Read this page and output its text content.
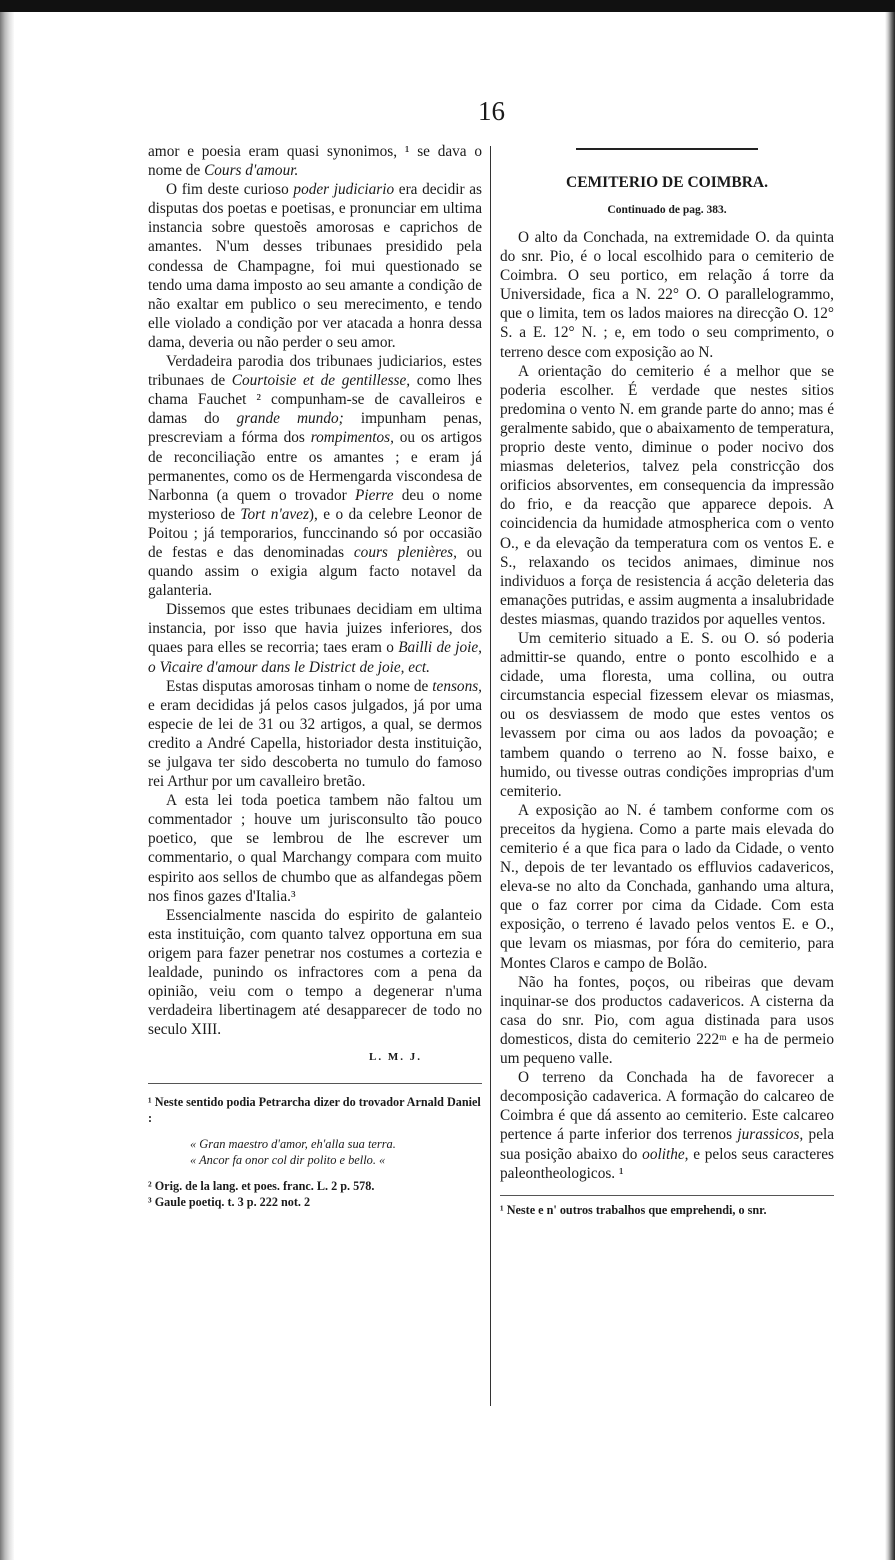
16

amor e poesia eram quasi synonimos, ¹ se dava o nome de Cours d'amour.

O fim deste curioso poder judiciario era decidir as disputas dos poetas e poetisas, e pronunciar em ultima instancia sobre questoẽs amorosas e caprichos de amantes. N'um desses tribunaes presidido pela condessa de Champagne, foi mui questionado se tendo uma dama imposto ao seu amante a condição de não exaltar em publico o seu merecimento, e tendo elle violado a condição por ver atacada a honra dessa dama, deveria ou não perder o seu amor.

Verdadeira parodia dos tribunaes judiciarios, estes tribunaes de Courtoisie et de gentillesse, como lhes chama Fauchet ² compunham-se de cavalleiros e damas do grande mundo; impunham penas, prescreviam a fórma dos rompimentos, ou os artigos de reconciliação entre os amantes ; e eram já permanentes, como os de Hermengarda viscondesa de Narbonna (a quem o trovador Pierre deu o nome mysterioso de Tort n'avez), e o da celebre Leonor de Poitou ; já temporarios, funccinando só por occasião de festas e das denominadas cours plenières, ou quando assim o exigia algum facto notavel da galanteria.

Dissemos que estes tribunaes decidiam em ultima instancia, por isso que havia juizes inferiores, dos quaes para elles se recorria; taes eram o Bailli de joie, o Vicaire d'amour dans le District de joie, ect.

Estas disputas amorosas tinham o nome de tensons, e eram decididas já pelos casos julgados, já por uma especie de lei de 31 ou 32 artigos, a qual, se dermos credito a André Capella, historiador desta instituição, se julgava ter sido descoberta no tumulo do famoso rei Arthur por um cavalleiro bretão.

A esta lei toda poetica tambem não faltou um commentador ; houve um jurisconsulto tão pouco poetico, que se lembrou de lhe escrever um commentario, o qual Marchangy compara com muito espirito aos sellos de chumbo que as alfandegas põem nos finos gazes d'Italia.³

Essencialmente nascida do espirito de galanteio esta instituição, com quanto talvez opportuna em sua origem para fazer penetrar nos costumes a cortezia e lealdade, punindo os infractores com a pena da opinião, veiu com o tempo a degenerar n'uma verdadeira libertinagem até desapparecer de todo no seculo XIII.

L. M. J.

¹ Neste sentido podia Petrarcha dizer do trovador Arnald Daniel :

« Gran maestro d'amor, eh'alla sua terra.

« Ancor fa onor col dir polito e bello. «

² Orig. de la lang. et poes. franc. L. 2 p. 578.

³ Gaule poetiq. t. 3 p. 222 not. 2

CEMITERIO DE COIMBRA.
Continuado de pag. 383.

O alto da Conchada, na extremidade O. da quinta do snr. Pio, é o local escolhido para o cemiterio de Coimbra. O seu portico, em relação á torre da Universidade, fica a N. 22° O. O parallelogrammo, que o limita, tem os lados maiores na direcção O. 12° S. a E. 12° N. ; e, em todo o seu comprimento, o terreno desce com exposição ao N.

A orientação do cemiterio é a melhor que se poderia escolher. É verdade que nestes sitios predomina o vento N. em grande parte do anno; mas é geralmente sabido, que o abaixamento de temperatura, proprio deste vento, diminue o poder nocivo dos miasmas deleterios, talvez pela constricção dos orificios absorventes, em consequencia da impressão do frio, e da reacção que apparece depois. A coincidencia da humidade atmospherica com o vento O., e da elevação da temperatura com os ventos E. e S., relaxando os tecidos animaes, diminue nos individuos a força de resistencia á acção deleteria das emanações putridas, e assim augmenta a insalubridade destes miasmas, quando trazidos por aquelles ventos.

Um cemiterio situado a E. S. ou O. só poderia admittir-se quando, entre o ponto escolhido e a cidade, uma floresta, uma collina, ou outra circumstancia especial fizessem elevar os miasmas, ou os desviassem de modo que estes ventos os levassem por cima ou aos lados da povoação; e tambem quando o terreno ao N. fosse baixo, e humido, ou tivesse outras condições improprias d'um cemiterio.

A exposição ao N. é tambem conforme com os preceitos da hygiena. Como a parte mais elevada do cemiterio é a que fica para o lado da Cidade, o vento N., depois de ter levantado os effluvios cadavericos, eleva-se no alto da Conchada, ganhando uma altura, que o faz correr por cima da Cidade. Com esta exposição, o terreno é lavado pelos ventos E. e O., que levam os miasmas, por fóra do cemiterio, para Montes Claros e campo de Bolão.

Não ha fontes, poços, ou ribeiras que devam inquinar-se dos productos cadavericos. A cisterna da casa do snr. Pio, com agua distinada para usos domesticos, dista do cemiterio 222ᵐ e ha de permeio um pequeno valle.

O terreno da Conchada ha de favorecer a decomposição cadaverica. A formação do calcareo de Coimbra é que dá assento ao cemiterio. Este calcareo pertence á parte inferior dos terrenos jurassicos, pela sua posição abaixo do oolithe, e pelos seus caracteres paleontheologicos. ¹

¹ Neste e n' outros trabalhos que emprehendi, o snr.
